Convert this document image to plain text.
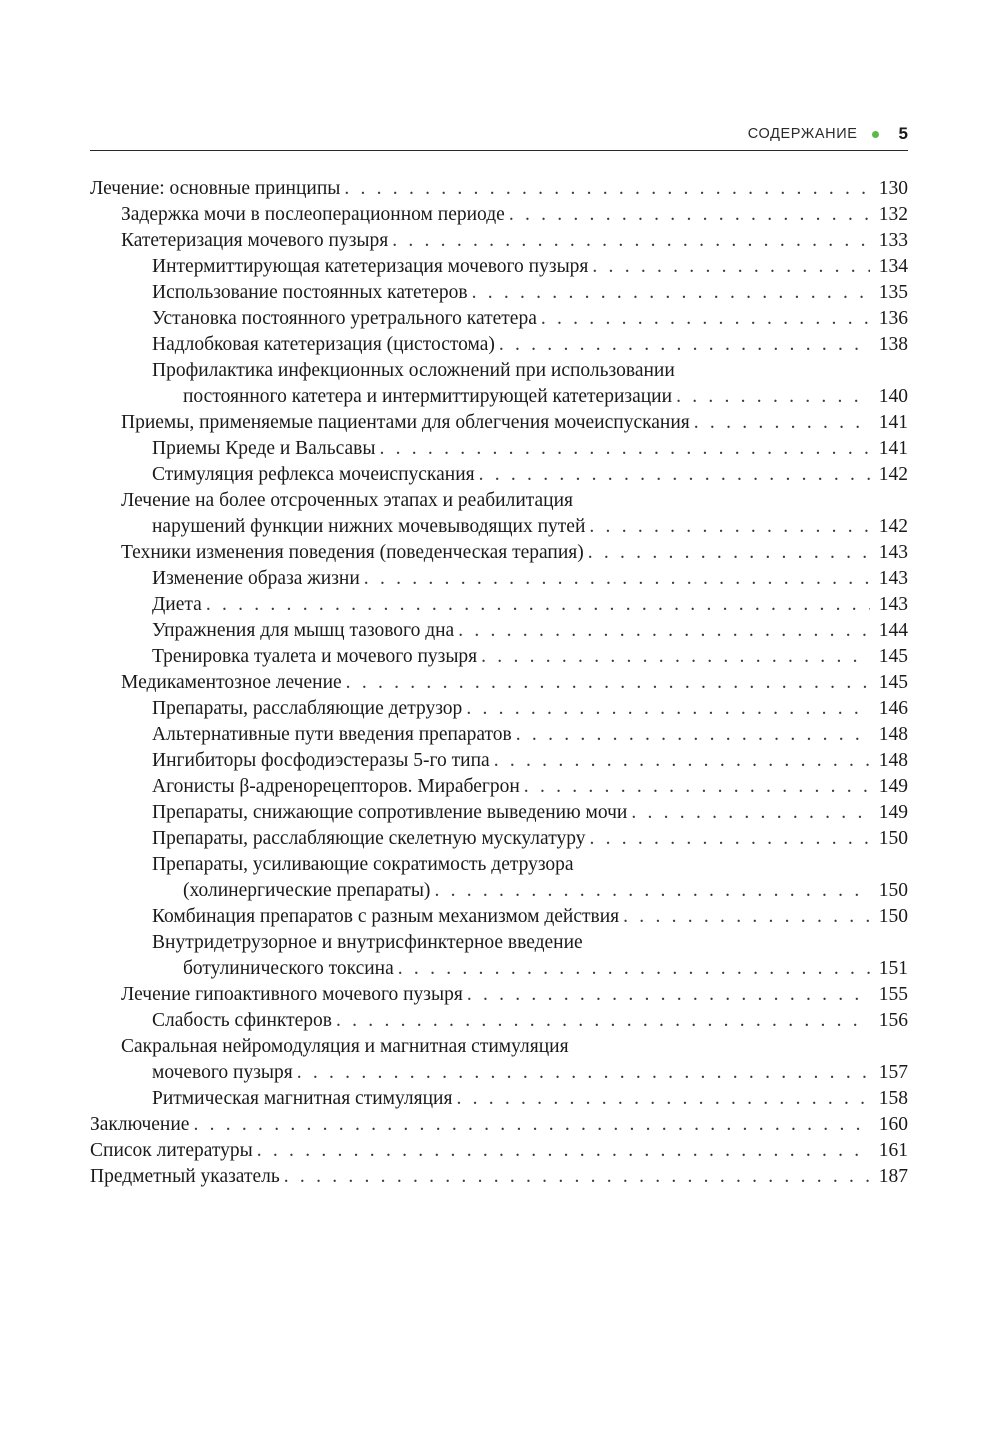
СОДЕРЖАНИЕ 5
Лечение: основные принципы . . .	130
Задержка мочи в послеоперационном периоде . . .	132
Катетеризация мочевого пузыря . . .	133
Интермиттирующая катетеризация мочевого пузыря . . .	134
Использование постоянных катетеров . . .	135
Установка постоянного уретрального катетера . . .	136
Надлобковая катетеризация (цистостома) . . .	138
Профилактика инфекционных осложнений при использовании
постоянного катетера и интермиттирующей катетеризации . . .	140
Приемы, применяемые пациентами для облегчения мочеиспускания . . .	141
Приемы Креде и Вальсавы . . .	141
Стимуляция рефлекса мочеиспускания . . .	142
Лечение на более отсроченных этапах и реабилитация
нарушений функции нижних мочевыводящих путей . . .	142
Техники изменения поведения (поведенческая терапия) . . .	143
Изменение образа жизни . . .	143
Диета . . .	143
Упражнения для мышц тазового дна . . .	144
Тренировка туалета и мочевого пузыря . . .	145
Медикаментозное лечение . . .	145
Препараты, расслабляющие детрузор . . .	146
Альтернативные пути введения препаратов . . .	148
Ингибиторы фосфодиэстеразы 5-го типа . . .	148
Агонисты β-адренорецепторов. Мирабегрон . . .	149
Препараты, снижающие сопротивление выведению мочи . . .	149
Препараты, расслабляющие скелетную мускулатуру . . .	150
Препараты, усиливающие сократимость детрузора
(холинергические препараты) . . .	150
Комбинация препаратов с разным механизмом действия . . .	150
Внутридетрузорное и внутрисфинктерное введение
ботулинического токсина . . .	151
Лечение гипоактивного мочевого пузыря . . .	155
Слабость сфинктеров . . .	156
Сакральная нейромодуляция и магнитная стимуляция
мочевого пузыря . . .	157
Ритмическая магнитная стимуляция . . .	158
Заключение . . .	160
Список литературы . . .	161
Предметный указатель . . .	187
